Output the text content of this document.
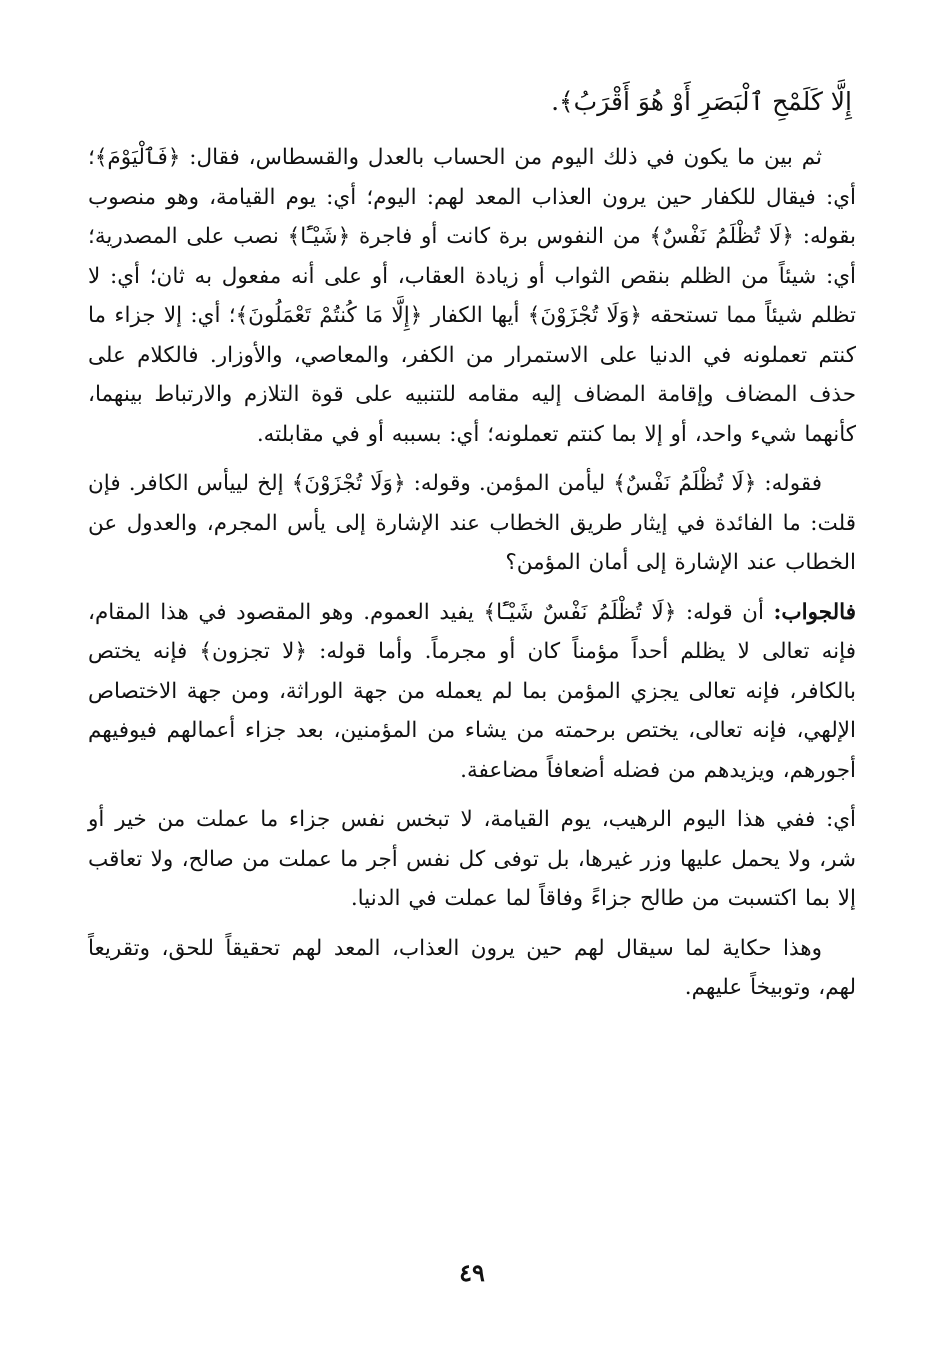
إِلَّا كَلَمْحِ ٱلْبَصَرِ أَوْ هُوَ أَقْرَبُ﴾.

ثم بين ما يكون في ذلك اليوم من الحساب بالعدل والقسطاس، فقال: ﴿فَٱلْيَوْمَ﴾؛ أي: فيقال للكفار حين يرون العذاب المعد لهم: اليوم؛ أي: يوم القيامة، وهو منصوب بقوله: ﴿لَا تُظْلَمُ نَفْسٌ﴾ من النفوس برة كانت أو فاجرة ﴿شَيْـًٔا﴾ نصب على المصدرية؛ أي: شيئاً من الظلم بنقص الثواب أو زيادة العقاب، أو على أنه مفعول به ثان؛ أي: لا تظلم شيئاً مما تستحقه ﴿وَلَا تُجْزَوْنَ﴾ أيها الكفار ﴿إِلَّا مَا كُنتُمْ تَعْمَلُونَ﴾؛ أي: إلا جزاء ما كنتم تعملونه في الدنيا على الاستمرار من الكفر، والمعاصي، والأوزار. فالكلام على حذف المضاف وإقامة المضاف إليه مقامه للتنبيه على قوة التلازم والارتباط بينهما، كأنهما شيء واحد، أو إلا بما كنتم تعملونه؛ أي: بسببه أو في مقابلته.

فقوله: ﴿لَا تُظْلَمُ نَفْسٌ﴾ ليأمن المؤمن. وقوله: ﴿وَلَا تُجْزَوْنَ﴾ إلخ لييأس الكافر. فإن قلت: ما الفائدة في إيثار طريق الخطاب عند الإشارة إلى يأس المجرم، والعدول عن الخطاب عند الإشارة إلى أمان المؤمن؟

فالجواب: أن قوله: ﴿لَا تُظْلَمُ نَفْسٌ شَيْـًٔا﴾ يفيد العموم. وهو المقصود في هذا المقام، فإنه تعالى لا يظلم أحداً مؤمناً كان أو مجرماً. وأما قوله: ﴿لا تجزون﴾ فإنه يختص بالكافر، فإنه تعالى يجزي المؤمن بما لم يعمله من جهة الوراثة، ومن جهة الاختصاص الإلهي، فإنه تعالى، يختص برحمته من يشاء من المؤمنين، بعد جزاء أعمالهم فيوفيهم أجورهم، ويزيدهم من فضله أضعافاً مضاعفة.

أي: ففي هذا اليوم الرهيب، يوم القيامة، لا تبخس نفس جزاء ما عملت من خير أو شر، ولا يحمل عليها وزر غيرها، بل توفى كل نفس أجر ما عملت من صالح، ولا تعاقب إلا بما اكتسبت من طالح جزاءً وفاقاً لما عملت في الدنيا.

وهذا حكاية لما سيقال لهم حين يرون العذاب، المعد لهم تحقيقاً للحق، وتقريعاً لهم، وتوبيخاً عليهم.

٤٩
